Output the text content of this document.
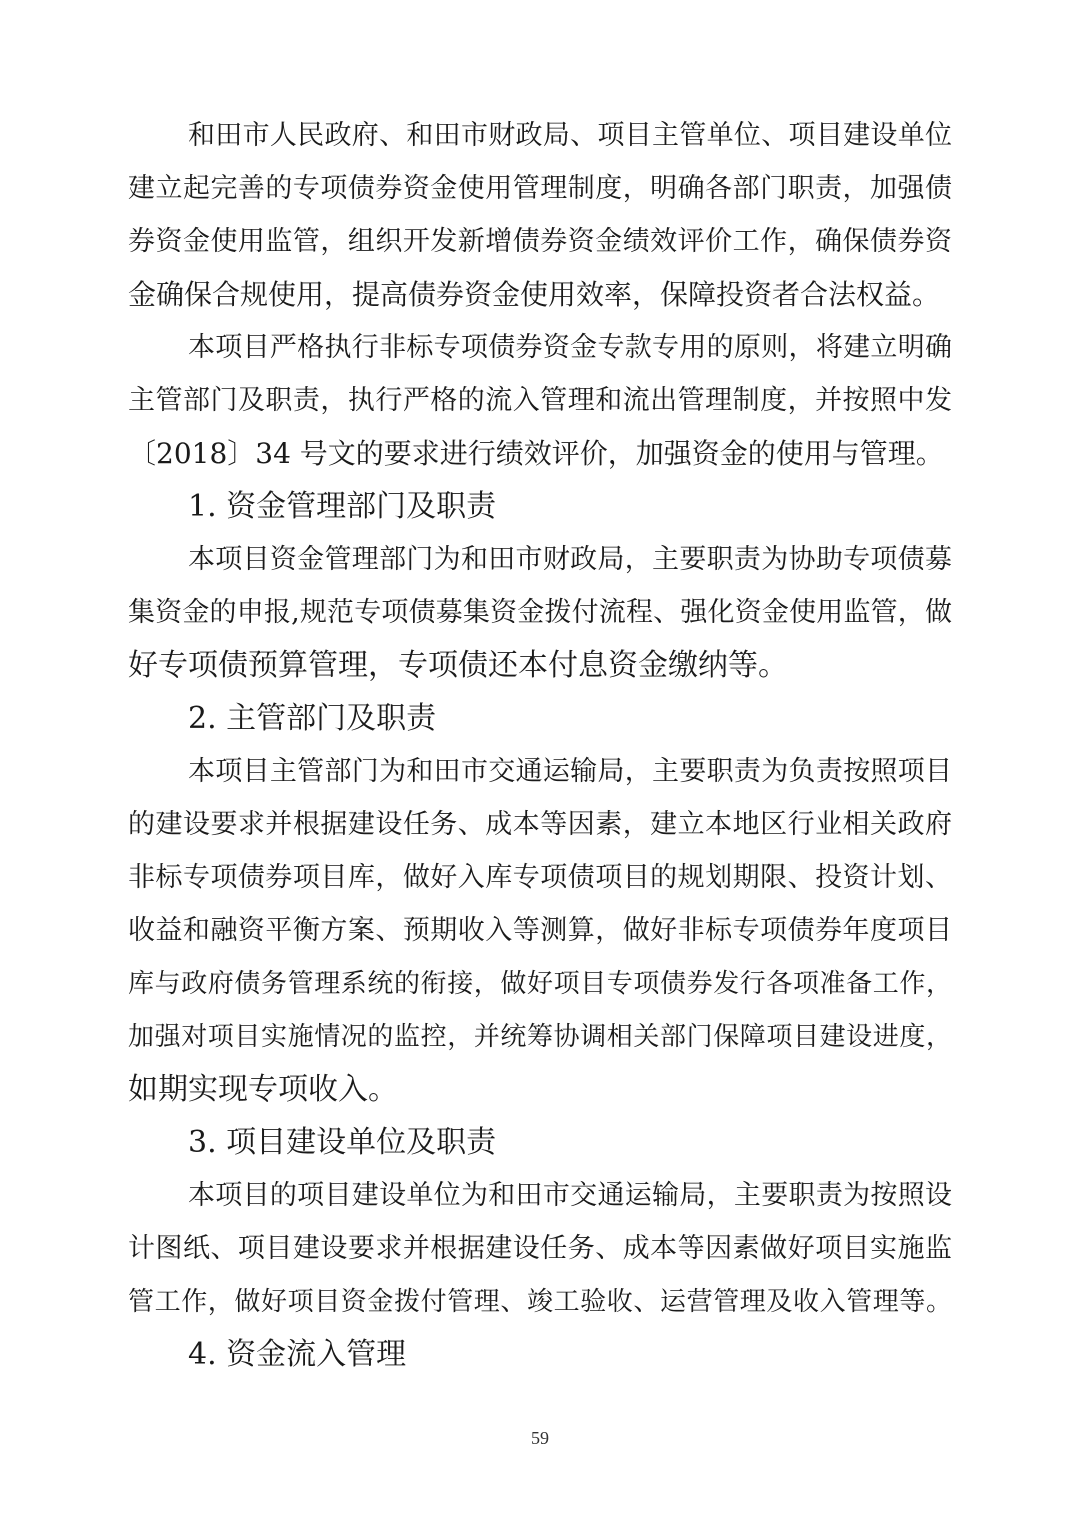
和田市人民政府、和田市财政局、项目主管单位、项目建设单位
建立起完善的专项债券资金使用管理制度，明确各部门职责，加强债
券资金使用监管，组织开发新增债券资金绩效评价工作，确保债券资
金确保合规使用，提高债券资金使用效率，保障投资者合法权益。
本项目严格执行非标专项债券资金专款专用的原则，将建立明确
主管部门及职责，执行严格的流入管理和流出管理制度，并按照中发
〔2018〕34 号文的要求进行绩效评价，加强资金的使用与管理。
1. 资金管理部门及职责
本项目资金管理部门为和田市财政局，主要职责为协助专项债募
集资金的申报,规范专项债募集资金拨付流程、强化资金使用监管，做
好专项债预算管理，专项债还本付息资金缴纳等。
2. 主管部门及职责
本项目主管部门为和田市交通运输局，主要职责为负责按照项目
的建设要求并根据建设任务、成本等因素，建立本地区行业相关政府
非标专项债券项目库，做好入库专项债项目的规划期限、投资计划、
收益和融资平衡方案、预期收入等测算，做好非标专项债券年度项目
库与政府债务管理系统的衔接，做好项目专项债券发行各项准备工作，
加强对项目实施情况的监控，并统筹协调相关部门保障项目建设进度，
如期实现专项收入。
3. 项目建设单位及职责
本项目的项目建设单位为和田市交通运输局，主要职责为按照设
计图纸、项目建设要求并根据建设任务、成本等因素做好项目实施监
管工作，做好项目资金拨付管理、竣工验收、运营管理及收入管理等。
4. 资金流入管理
59
